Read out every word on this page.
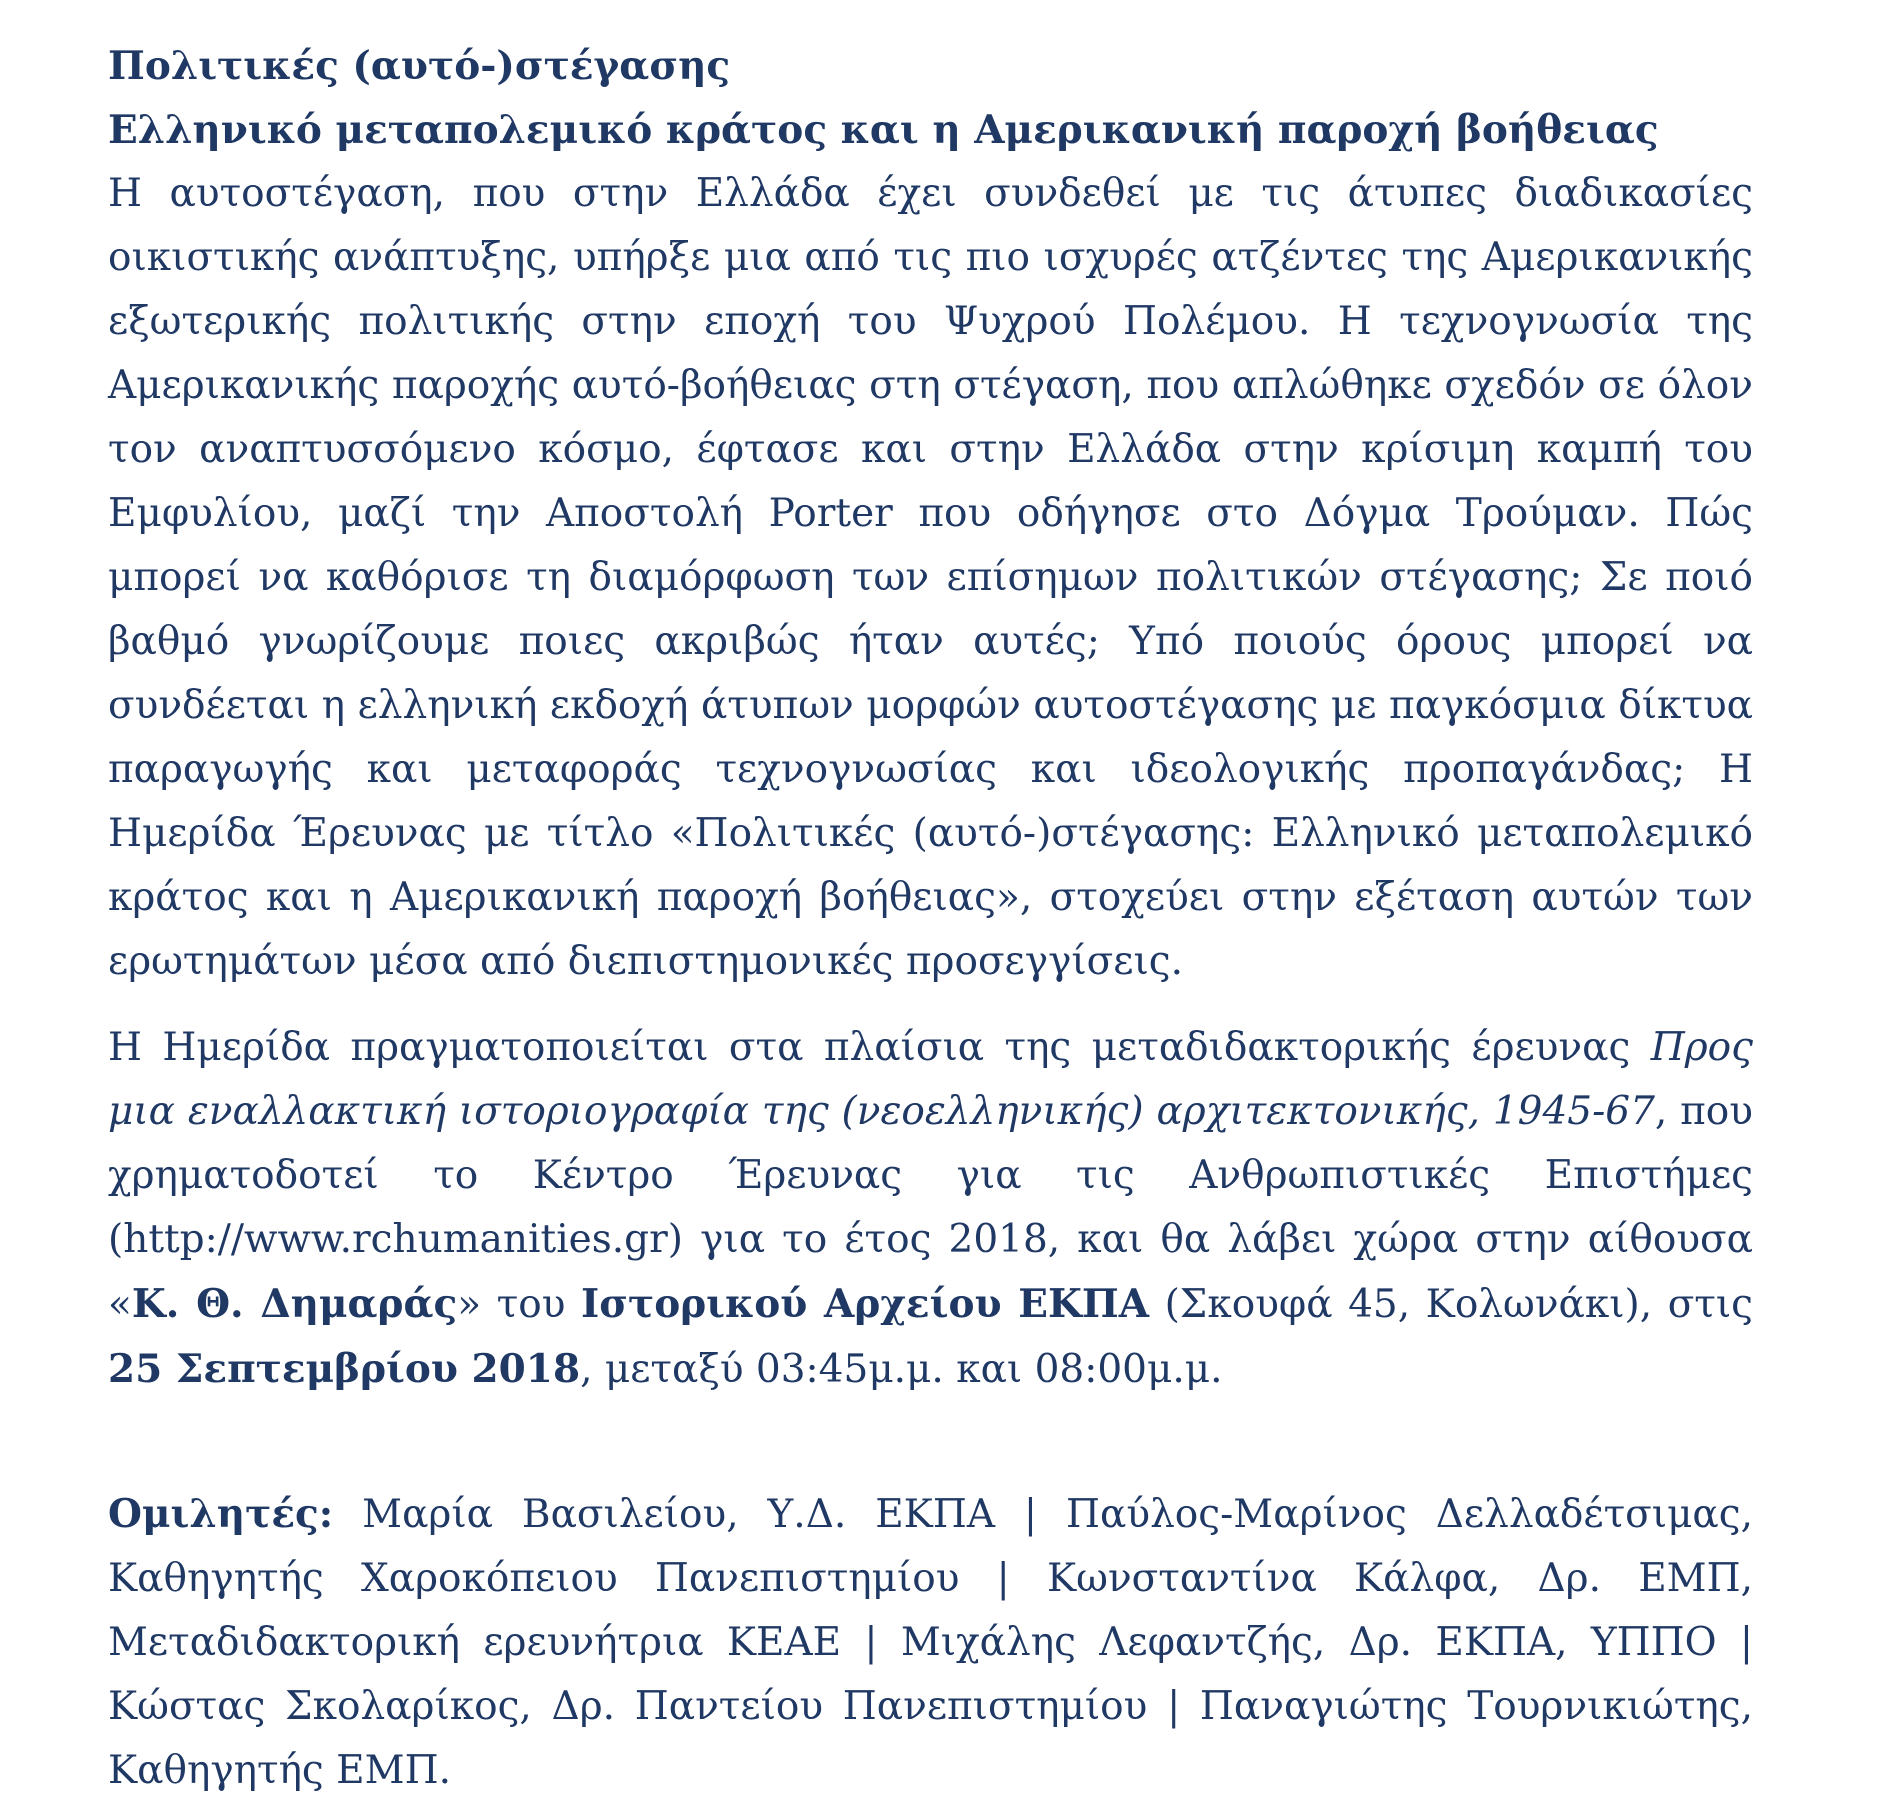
Πολιτικές (αυτό-)στέγασης
Ελληνικό μεταπολεμικό κράτος και η Αμερικανική παροχή βοήθειας

Η αυτοστέγαση, που στην Ελλάδα έχει συνδεθεί με τις άτυπες διαδικασίες οικιστικής ανάπτυξης, υπήρξε μια από τις πιο ισχυρές ατζέντες της Αμερικανικής εξωτερικής πολιτικής στην εποχή του Ψυχρού Πολέμου. Η τεχνογνωσία της Αμερικανικής παροχής αυτό-βοήθειας στη στέγαση, που απλώθηκε σχεδόν σε όλον τον αναπτυσσόμενο κόσμο, έφτασε και στην Ελλάδα στην κρίσιμη καμπή του Εμφυλίου, μαζί την Αποστολή Porter που οδήγησε στο Δόγμα Τρούμαν. Πώς μπορεί να καθόρισε τη διαμόρφωση των επίσημων πολιτικών στέγασης; Σε ποιό βαθμό γνωρίζουμε ποιες ακριβώς ήταν αυτές; Υπό ποιούς όρους μπορεί να συνδέεται η ελληνική εκδοχή άτυπων μορφών αυτοστέγασης με παγκόσμια δίκτυα παραγωγής και μεταφοράς τεχνογνωσίας και ιδεολογικής προπαγάνδας; Η Ημερίδα Έρευνας με τίτλο «Πολιτικές (αυτό-)στέγασης: Ελληνικό μεταπολεμικό κράτος και η Αμερικανική παροχή βοήθειας», στοχεύει στην εξέταση αυτών των ερωτημάτων μέσα από διεπιστημονικές προσεγγίσεις.

Η Ημερίδα πραγματοποιείται στα πλαίσια της μεταδιδακτορικής έρευνας Προς μια εναλλακτική ιστοριογραφία της (νεοελληνικής) αρχιτεκτονικής, 1945-67, που χρηματοδοτεί το Κέντρο Έρευνας για τις Ανθρωπιστικές Επιστήμες (http://www.rchumanities.gr) για το έτος 2018, και θα λάβει χώρα στην αίθουσα «Κ. Θ. Δημαράς» του Ιστορικού Αρχείου ΕΚΠΑ (Σκουφά 45, Κολωνάκι), στις 25 Σεπτεμβρίου 2018, μεταξύ 03:45μ.μ. και 08:00μ.μ.

Ομιλητές: Μαρία Βασιλείου, Υ.Δ. ΕΚΠΑ | Παύλος-Μαρίνος Δελλαδέτσιμας, Καθηγητής Χαροκόπειου Πανεπιστημίου | Κωνσταντίνα Κάλφα, Δρ. ΕΜΠ, Μεταδιδακτορική ερευνήτρια ΚΕΑΕ | Μιχάλης Λεφαντζής, Δρ. ΕΚΠΑ, ΥΠΠΟ | Κώστας Σκολαρίκος, Δρ. Παντείου Πανεπιστημίου | Παναγιώτης Τουρνικιώτης, Καθηγητής ΕΜΠ.
